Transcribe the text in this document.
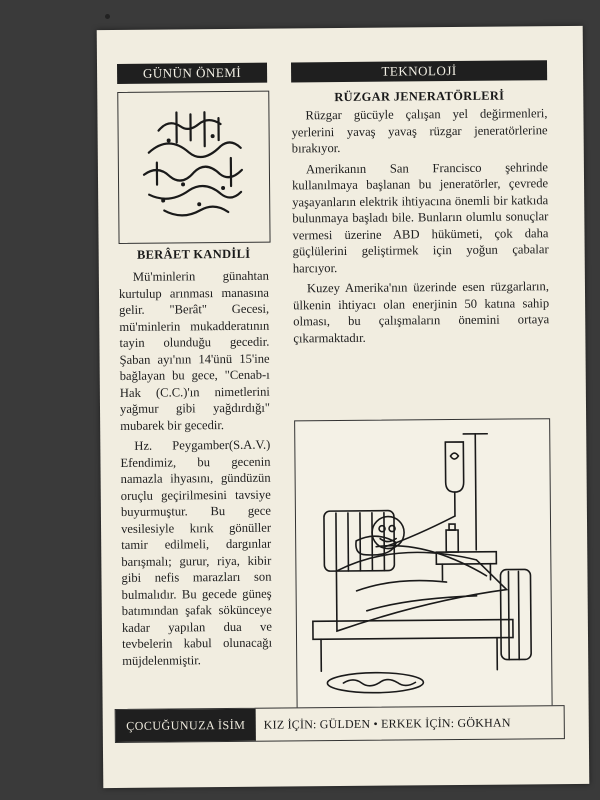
GÜNÜN ÖNEMİ
BERÂET KANDİLİ

Mü'minlerin günahtan kurtulup arınması manasına gelir. "Berât" Gecesi, mü'minlerin mukadderatının tayin olunduğu gecedir. Şaban ayı'nın 14'ünü 15'ine bağlayan bu gece, "Cenab-ı Hak (C.C.)'ın nimetlerini yağmur gibi yağdırdığı" mubarek bir gecedir.

Hz. Peygamber(S.A.V.) Efendimiz, bu gecenin namazla ihyasını, gündüzün oruçlu geçirilmesini tavsiye buyurmuştur. Bu gece vesilesiyle kırık gönüller tamir edilmeli, dargınlar barışmalı; gurur, riya, kibir gibi nefis marazları son bulmalıdır. Bu gecede güneş batımından şafak sökünceye kadar yapılan dua ve tevbelerin kabul olunacağı müjdelenmiştir.

TEKNOLOJİ
RÜZGAR JENERATÖRLERİ

Rüzgar gücüyle çalışan yel değirmenleri, yerlerini yavaş yavaş rüzgar jeneratörlerine bırakıyor.

Amerikanın San Francisco şehrinde kullanılmaya başlanan bu jeneratörler, çevrede yaşayanların elektrik ihtiyacına önemli bir katkıda bulunmaya başladı bile. Bunların olumlu sonuçlar vermesi üzerine ABD hükümeti, çok daha güçlülerini geliştirmek için yoğun çabalar harcıyor.

Kuzey Amerika'nın üzerinde esen rüzgarların, ülkenin ihtiyacı olan enerjinin 50 katına sahip olması, bu çalışmaların önemini ortaya çıkarmaktadır.

ÇOCUĞUNUZA İSİM	KIZ İÇİN: GÜLDEN • ERKEK İÇİN: GÖKHAN
